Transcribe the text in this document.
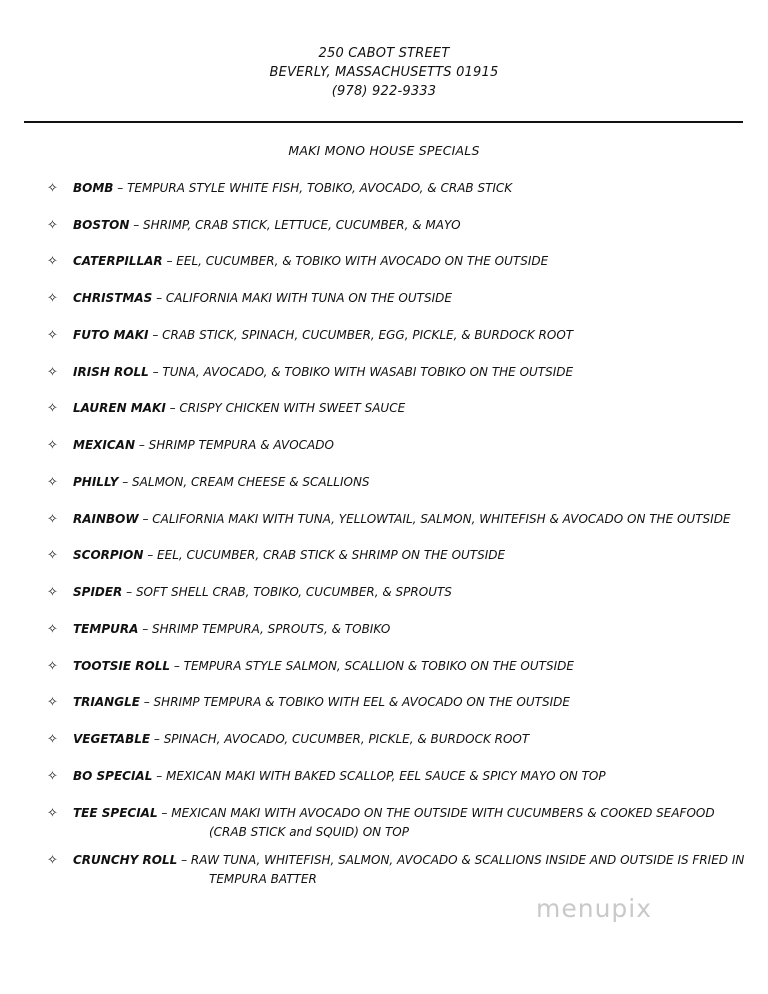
250 CABOT STREET
BEVERLY, MASSACHUSETTS 01915
(978) 922-9333
MAKI MONO HOUSE SPECIALS
✧ BOMB – TEMPURA STYLE WHITE FISH, TOBIKO, AVOCADO, & CRAB STICK
✧ BOSTON – SHRIMP, CRAB STICK, LETTUCE, CUCUMBER, & MAYO
✧ CATERPILLAR – EEL, CUCUMBER, & TOBIKO WITH AVOCADO ON THE OUTSIDE
✧ CHRISTMAS – CALIFORNIA MAKI WITH TUNA ON THE OUTSIDE
✧ FUTO MAKI – CRAB STICK, SPINACH, CUCUMBER, EGG, PICKLE, & BURDOCK ROOT
✧ IRISH ROLL – TUNA, AVOCADO, & TOBIKO WITH WASABI TOBIKO ON THE OUTSIDE
✧ LAUREN MAKI – CRISPY CHICKEN WITH SWEET SAUCE
✧ MEXICAN – SHRIMP TEMPURA & AVOCADO
✧ PHILLY – SALMON, CREAM CHEESE & SCALLIONS
✧ RAINBOW – CALIFORNIA MAKI WITH TUNA, YELLOWTAIL, SALMON, WHITEFISH & AVOCADO ON THE OUTSIDE
✧ SCORPION – EEL, CUCUMBER, CRAB STICK & SHRIMP ON THE OUTSIDE
✧ SPIDER – SOFT SHELL CRAB, TOBIKO, CUCUMBER, & SPROUTS
✧ TEMPURA – SHRIMP TEMPURA, SPROUTS, & TOBIKO
✧ TOOTSIE ROLL – TEMPURA STYLE SALMON, SCALLION & TOBIKO ON THE OUTSIDE
✧ TRIANGLE – SHRIMP TEMPURA & TOBIKO WITH EEL & AVOCADO ON THE OUTSIDE
✧ VEGETABLE – SPINACH, AVOCADO, CUCUMBER, PICKLE, & BURDOCK ROOT
✧ BO SPECIAL – MEXICAN MAKI WITH BAKED SCALLOP, EEL SAUCE & SPICY MAYO ON TOP
✧ TEE SPECIAL – MEXICAN MAKI WITH AVOCADO ON THE OUTSIDE WITH CUCUMBERS & COOKED SEAFOOD
(CRAB STICK and SQUID) ON TOP
✧ CRUNCHY ROLL – RAW TUNA, WHITEFISH, SALMON, AVOCADO & SCALLIONS INSIDE AND OUTSIDE IS FRIED IN
TEMPURA BATTER
menupix
